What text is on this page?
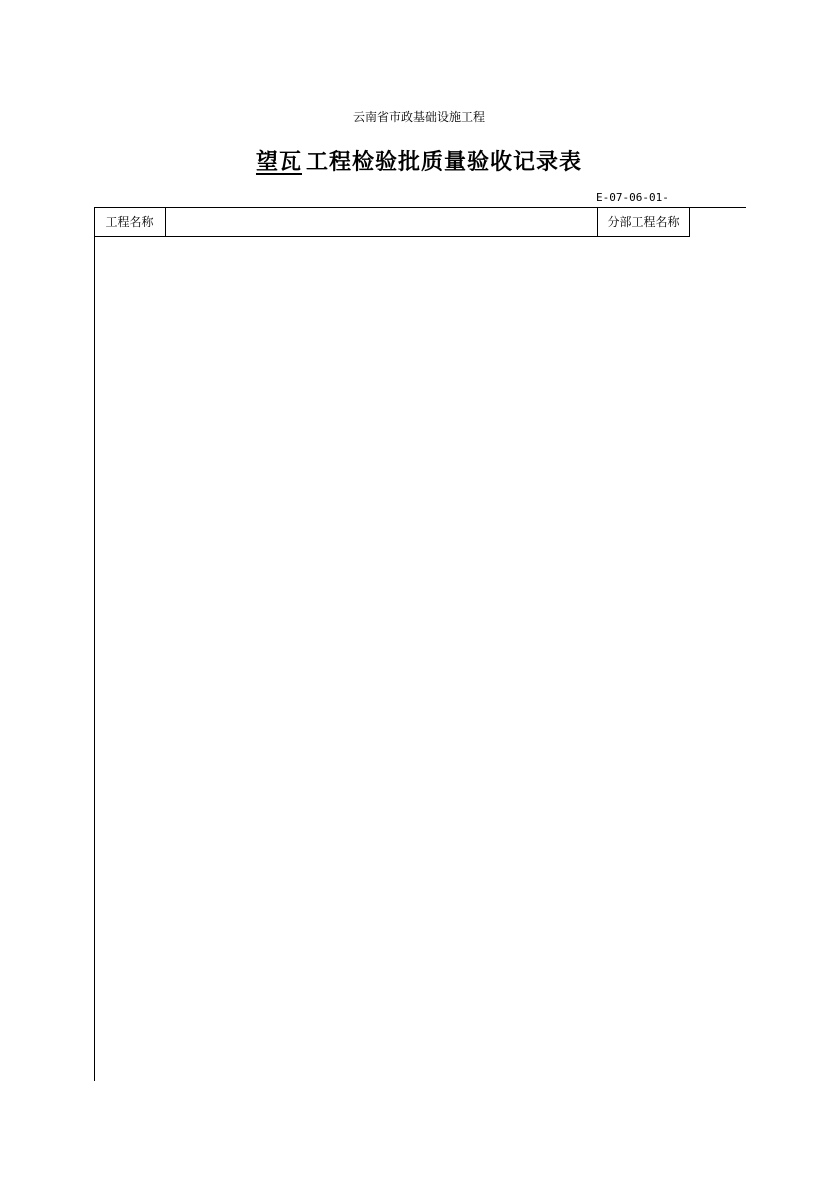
云南省市政基础设施工程
望瓦 工程检验批质量验收记录表
E-07-06-01-
工程名称	分部工程名称
